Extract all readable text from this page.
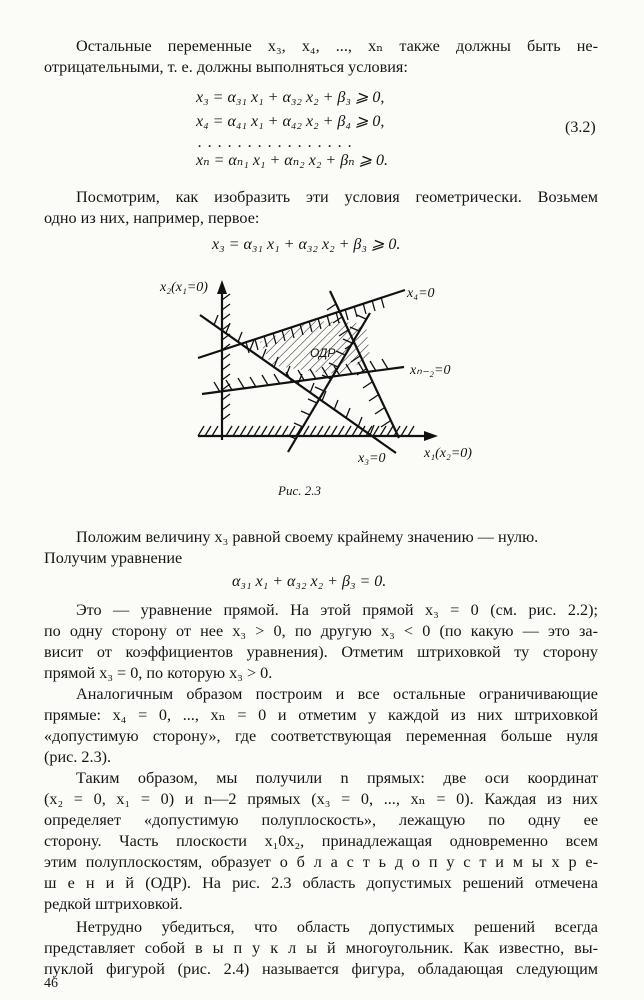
Остальные переменные x₃, x₄, ..., xₙ также должны быть не-
отрицательными, т. е. должны выполняться условия:
x₃ = α₃₁ x₁ + α₃₂ x₂ + β₃ ⩾ 0,
x₄ = α₄₁ x₁ + α₄₂ x₂ + β₄ ⩾ 0,
. . . . . . . . . . . . . . . .
xₙ = αₙ₁ x₁ + αₙ₂ x₂ + βₙ ⩾ 0.
(3.2)
Посмотрим, как изобразить эти условия геометрически. Возьмем
одно из них, например, первое:
x₃ = α₃₁ x₁ + α₃₂ x₂ + β₃ ⩾ 0.
x₂(x₁=0)	x₄=0
ОДР
xₙ₋₂=0
x₃=0	x₁(x₂=0)
Рис. 2.3
Положим величину x₃ равной своему крайнему значению — нулю.
Получим уравнение
α₃₁ x₁ + α₃₂ x₂ + β₃ = 0.
Это — уравнение прямой. На этой прямой x₃ = 0 (см. рис. 2.2);
по одну сторону от нее x₃ > 0, по другую x₃ < 0 (по какую — это за-
висит от коэффициентов уравнения). Отметим штриховкой ту сторону
прямой x₃ = 0, по которую x₃ > 0.
Аналогичным образом построим и все остальные ограничивающие
прямые: x₄ = 0, ..., xₙ = 0 и отметим у каждой из них штриховкой
«допустимую сторону», где соответствующая переменная больше нуля
(рис. 2.3).
Таким образом, мы получили n прямых: две оси координат
(x₂ = 0, x₁ = 0) и n—2 прямых (x₃ = 0, ..., xₙ = 0). Каждая из них
определяет «допустимую полуплоскость», лежащую по одну ее
сторону. Часть плоскости x₁0x₂, принадлежащая одновременно всем
этим полуплоскостям, образует о б л а с т ь д о п у с т и м ы х р е-
ш е н и й (ОДР). На рис. 2.3 область допустимых решений отмечена
редкой штриховкой.
Нетрудно убедиться, что область допустимых решений всегда
представляет собой в ы п у к л ы й многоугольник. Как известно, вы-
пуклой фигурой (рис. 2.4) называется фигура, обладающая следующим
46
